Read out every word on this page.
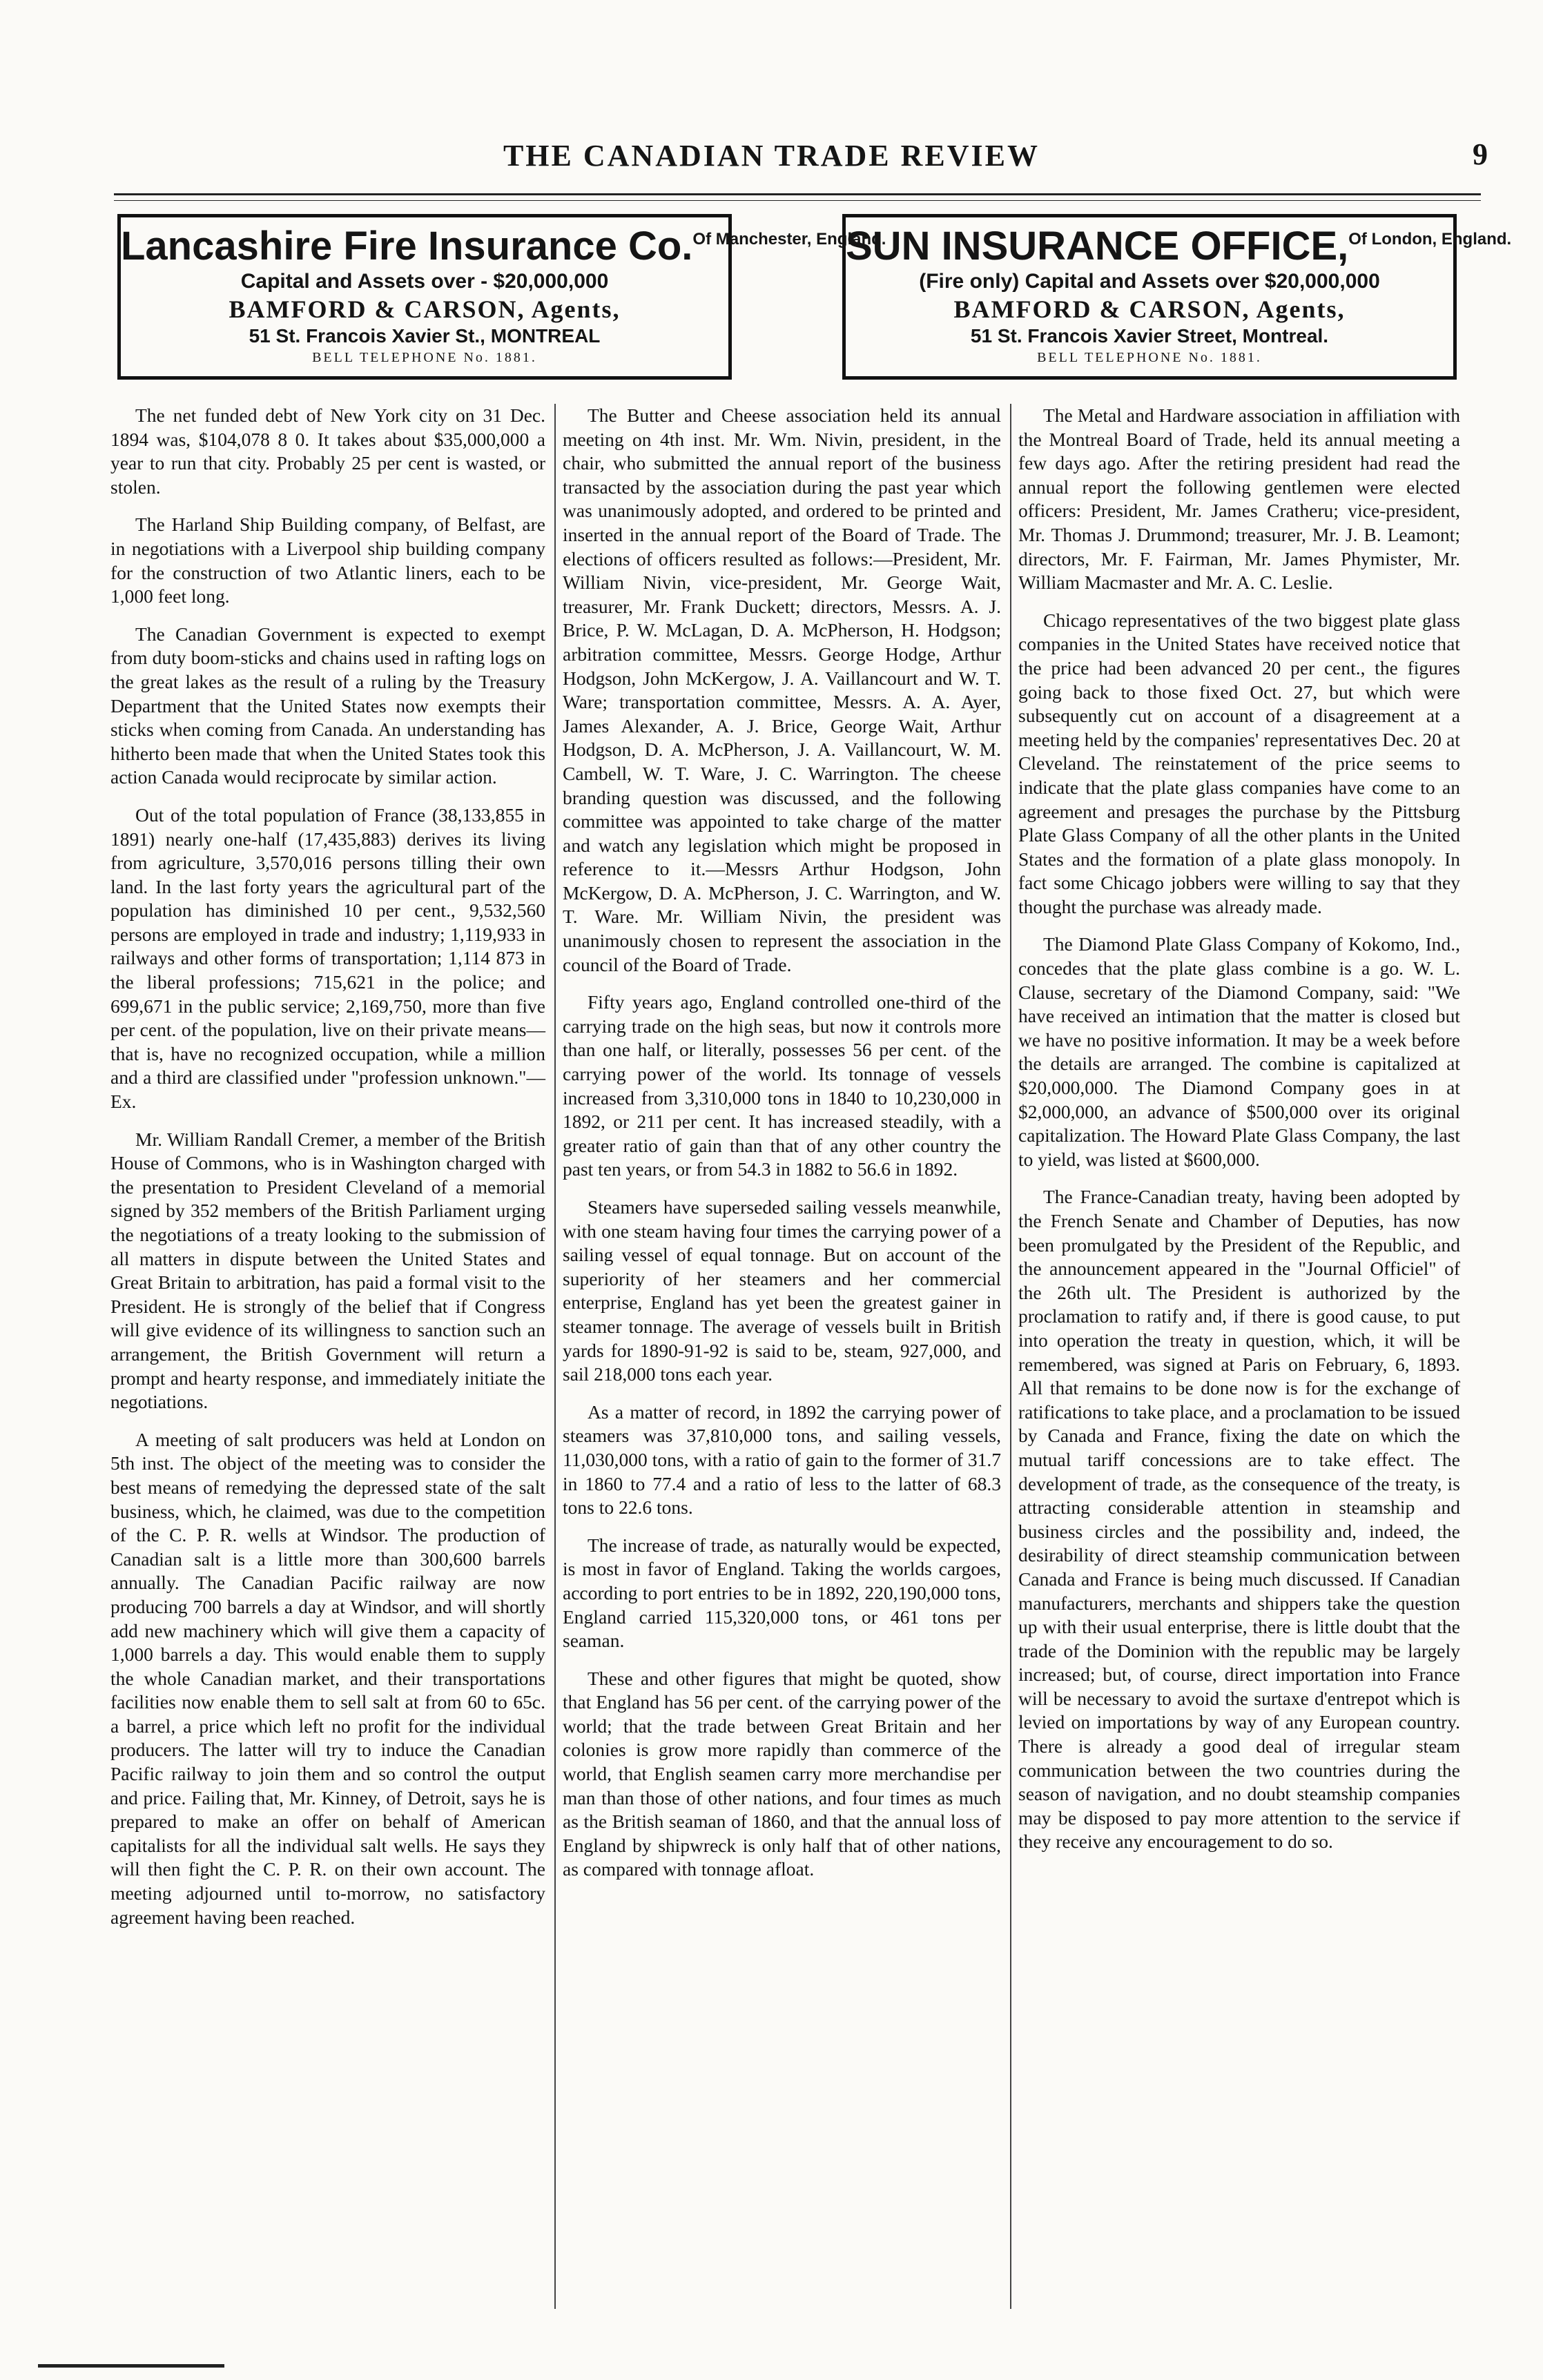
THE CANADIAN TRADE REVIEW	9
Lancashire Fire Insurance Co.$^{Of Manchester, England.}$
Capital and Assets over - $20,000,000
BAMFORD & CARSON, Agents,
51 St. Francois Xavier St., MONTREAL
BELL TELEPHONE No. 1881.
SUN INSURANCE OFFICE,$^{Of London, England.}$
(Fire only) Capital and Assets over $20,000,000
BAMFORD & CARSON, Agents,
51 St. Francois Xavier Street, Montreal.
BELL TELEPHONE No. 1881.

The net funded debt of New York city on 31 Dec. 1894 was, $104,078 8 0. It takes about $35,000,000 a year to run that city. Probably 25 per cent is wasted, or stolen.

The Harland Ship Building company, of Belfast, are in negotiations with a Liverpool ship building company for the construction of two Atlantic liners, each to be 1,000 feet long.

The Canadian Government is expected to exempt from duty boom-sticks and chains used in rafting logs on the great lakes as the result of a ruling by the Treasury Department that the United States now exempts their sticks when coming from Canada. An understanding has hitherto been made that when the United States took this action Canada would reciprocate by similar action.

Out of the total population of France (38,133,855 in 1891) nearly one-half (17,435,883) derives its living from agriculture, 3,570,016 persons tilling their own land. In the last forty years the agricultural part of the population has diminished 10 per cent., 9,532,560 persons are employed in trade and industry; 1,119,933 in railways and other forms of transportation; 1,114 873 in the liberal professions; 715,621 in the police; and 699,671 in the public service; 2,169,750, more than five per cent. of the population, live on their private means—that is, have no recognized occupation, while a million and a third are classified under "profession unknown."—Ex.

Mr. William Randall Cremer, a member of the British House of Commons, who is in Washington charged with the presentation to President Cleveland of a memorial signed by 352 members of the British Parliament urging the negotiations of a treaty looking to the submission of all matters in dispute between the United States and Great Britain to arbitration, has paid a formal visit to the President. He is strongly of the belief that if Congress will give evidence of its willingness to sanction such an arrangement, the British Government will return a prompt and hearty response, and immediately initiate the negotiations.

A meeting of salt producers was held at London on 5th inst. The object of the meeting was to consider the best means of remedying the depressed state of the salt business, which, he claimed, was due to the competition of the C. P. R. wells at Windsor. The production of Canadian salt is a little more than 300,600 barrels annually. The Canadian Pacific railway are now producing 700 barrels a day at Windsor, and will shortly add new machinery which will give them a capacity of 1,000 barrels a day. This would enable them to supply the whole Canadian market, and their transportations facilities now enable them to sell salt at from 60 to 65c. a barrel, a price which left no profit for the individual producers. The latter will try to induce the Canadian Pacific railway to join them and so control the output and price. Failing that, Mr. Kinney, of Detroit, says he is prepared to make an offer on behalf of American capitalists for all the individual salt wells. He says they will then fight the C. P. R. on their own account. The meeting adjourned until to-morrow, no satisfactory agreement having been reached.

The Butter and Cheese association held its annual meeting on 4th inst. Mr. Wm. Nivin, president, in the chair, who submitted the annual report of the business transacted by the association during the past year which was unanimously adopted, and ordered to be printed and inserted in the annual report of the Board of Trade. The elections of officers resulted as follows:—President, Mr. William Nivin, vice-president, Mr. George Wait, treasurer, Mr. Frank Duckett; directors, Messrs. A. J. Brice, P. W. McLagan, D. A. McPherson, H. Hodgson; arbitration committee, Messrs. George Hodge, Arthur Hodgson, John McKergow, J. A. Vaillancourt and W. T. Ware; transportation committee, Messrs. A. A. Ayer, James Alexander, A. J. Brice, George Wait, Arthur Hodgson, D. A. McPherson, J. A. Vaillancourt, W. M. Cambell, W. T. Ware, J. C. Warrington. The cheese branding question was discussed, and the following committee was appointed to take charge of the matter and watch any legislation which might be proposed in reference to it.—Messrs Arthur Hodgson, John McKergow, D. A. McPherson, J. C. Warrington, and W. T. Ware. Mr. William Nivin, the president was unanimously chosen to represent the association in the council of the Board of Trade.

Fifty years ago, England controlled one-third of the carrying trade on the high seas, but now it controls more than one half, or literally, possesses 56 per cent. of the carrying power of the world. Its tonnage of vessels increased from 3,310,000 tons in 1840 to 10,230,000 in 1892, or 211 per cent. It has increased steadily, with a greater ratio of gain than that of any other country the past ten years, or from 54.3 in 1882 to 56.6 in 1892.

Steamers have superseded sailing vessels meanwhile, with one steam having four times the carrying power of a sailing vessel of equal tonnage. But on account of the superiority of her steamers and her commercial enterprise, England has yet been the greatest gainer in steamer tonnage. The average of vessels built in British yards for 1890-91-92 is said to be, steam, 927,000, and sail 218,000 tons each year.

As a matter of record, in 1892 the carrying power of steamers was 37,810,000 tons, and sailing vessels, 11,030,000 tons, with a ratio of gain to the former of 31.7 in 1860 to 77.4 and a ratio of less to the latter of 68.3 tons to 22.6 tons.

The increase of trade, as naturally would be expected, is most in favor of England. Taking the worlds cargoes, according to port entries to be in 1892, 220,190,000 tons, England carried 115,320,000 tons, or 461 tons per seaman.

These and other figures that might be quoted, show that England has 56 per cent. of the carrying power of the world; that the trade between Great Britain and her colonies is grow more rapidly than commerce of the world, that English seamen carry more merchandise per man than those of other nations, and four times as much as the British seaman of 1860, and that the annual loss of England by shipwreck is only half that of other nations, as compared with tonnage afloat.

The Metal and Hardware association in affiliation with the Montreal Board of Trade, held its annual meeting a few days ago. After the retiring president had read the annual report the following gentlemen were elected officers: President, Mr. James Cratheru; vice-president, Mr. Thomas J. Drummond; treasurer, Mr. J. B. Leamont; directors, Mr. F. Fairman, Mr. James Phymister, Mr. William Macmaster and Mr. A. C. Leslie.

Chicago representatives of the two biggest plate glass companies in the United States have received notice that the price had been advanced 20 per cent., the figures going back to those fixed Oct. 27, but which were subsequently cut on account of a disagreement at a meeting held by the companies' representatives Dec. 20 at Cleveland. The reinstatement of the price seems to indicate that the plate glass companies have come to an agreement and presages the purchase by the Pittsburg Plate Glass Company of all the other plants in the United States and the formation of a plate glass monopoly. In fact some Chicago jobbers were willing to say that they thought the purchase was already made.

The Diamond Plate Glass Company of Kokomo, Ind., concedes that the plate glass combine is a go. W. L. Clause, secretary of the Diamond Company, said: "We have received an intimation that the matter is closed but we have no positive information. It may be a week before the details are arranged. The combine is capitalized at $20,000,000. The Diamond Company goes in at $2,000,000, an advance of $500,000 over its original capitalization. The Howard Plate Glass Company, the last to yield, was listed at $600,000.

The France-Canadian treaty, having been adopted by the French Senate and Chamber of Deputies, has now been promulgated by the President of the Republic, and the announcement appeared in the "Journal Officiel" of the 26th ult. The President is authorized by the proclamation to ratify and, if there is good cause, to put into operation the treaty in question, which, it will be remembered, was signed at Paris on February, 6, 1893. All that remains to be done now is for the exchange of ratifications to take place, and a proclamation to be issued by Canada and France, fixing the date on which the mutual tariff concessions are to take effect. The development of trade, as the consequence of the treaty, is attracting considerable attention in steamship and business circles and the possibility and, indeed, the desirability of direct steamship communication between Canada and France is being much discussed. If Canadian manufacturers, merchants and shippers take the question up with their usual enterprise, there is little doubt that the trade of the Dominion with the republic may be largely increased; but, of course, direct importation into France will be necessary to avoid the surtaxe d'entrepot which is levied on importations by way of any European country. There is already a good deal of irregular steam communication between the two countries during the season of navigation, and no doubt steamship companies may be disposed to pay more attention to the service if they receive any encouragement to do so.
